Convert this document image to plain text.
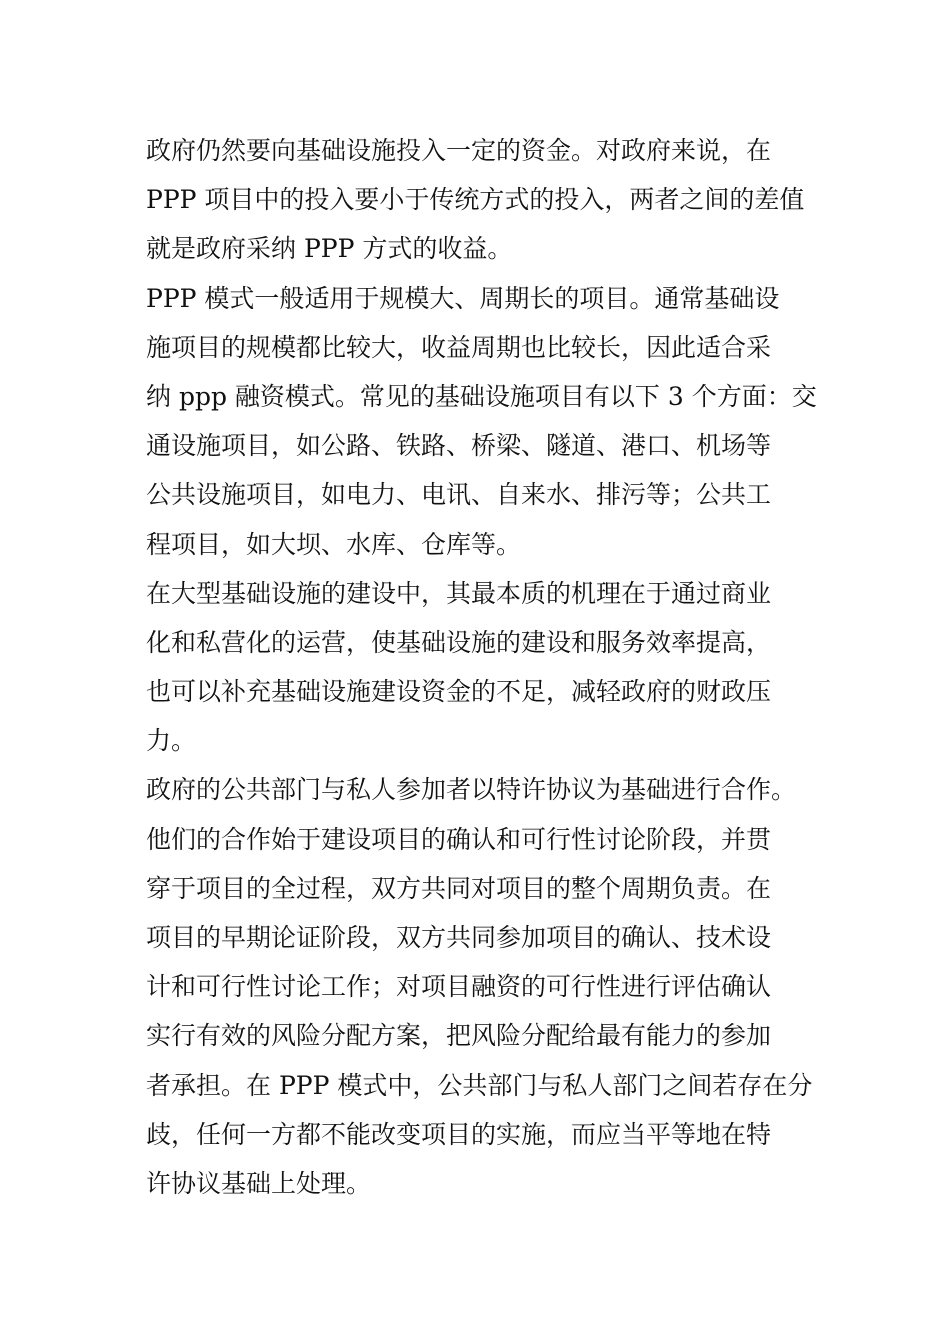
政府仍然要向基础设施投入一定的资金。对政府来说，在
PPP 项目中的投入要小于传统方式的投入，两者之间的差值
就是政府采纳 PPP 方式的收益。
PPP 模式一般适用于规模大、周期长的项目。通常基础设
施项目的规模都比较大，收益周期也比较长，因此适合采
纳 ppp 融资模式。常见的基础设施项目有以下 3 个方面：交
通设施项目，如公路、铁路、桥梁、隧道、港口、机场等
公共设施项目，如电力、电讯、自来水、排污等；公共工
程项目，如大坝、水库、仓库等。
在大型基础设施的建设中，其最本质的机理在于通过商业
化和私营化的运营，使基础设施的建设和服务效率提高，
也可以补充基础设施建设资金的不足，减轻政府的财政压
力。
政府的公共部门与私人参加者以特许协议为基础进行合作。
他们的合作始于建设项目的确认和可行性讨论阶段，并贯
穿于项目的全过程，双方共同对项目的整个周期负责。在
项目的早期论证阶段，双方共同参加项目的确认、技术设
计和可行性讨论工作；对项目融资的可行性进行评估确认
实行有效的风险分配方案，把风险分配给最有能力的参加
者承担。在 PPP 模式中，公共部门与私人部门之间若存在分
歧，任何一方都不能改变项目的实施，而应当平等地在特
许协议基础上处理。
